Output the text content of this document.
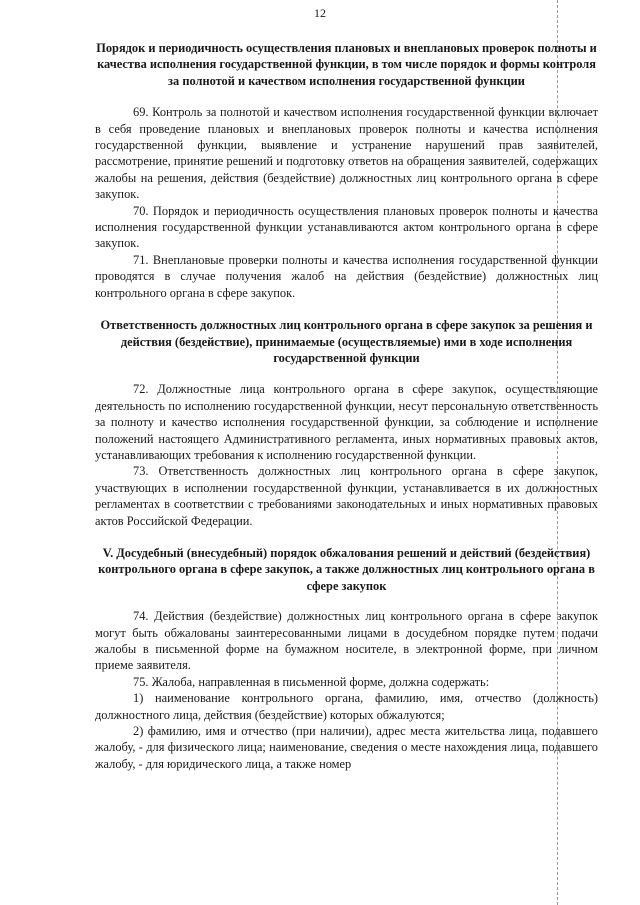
12
Порядок и периодичность осуществления плановых и внеплановых проверок полноты и качества исполнения государственной функции, в том числе порядок и формы контроля за полнотой и качеством исполнения государственной функции

69. Контроль за полнотой и качеством исполнения государственной функции включает в себя проведение плановых и внеплановых проверок полноты и качества исполнения государственной функции, выявление и устранение нарушений прав заявителей, рассмотрение, принятие решений и подготовку ответов на обращения заявителей, содержащих жалобы на решения, действия (бездействие) должностных лиц контрольного органа в сфере закупок.

70. Порядок и периодичность осуществления плановых проверок полноты и качества исполнения государственной функции устанавливаются актом контрольного органа в сфере закупок.

71. Внеплановые проверки полноты и качества исполнения государственной функции проводятся в случае получения жалоб на действия (бездействие) должностных лиц контрольного органа в сфере закупок.

Ответственность должностных лиц контрольного органа в сфере закупок за решения и действия (бездействие), принимаемые (осуществляемые) ими в ходе исполнения государственной функции

72. Должностные лица контрольного органа в сфере закупок, осуществляющие деятельность по исполнению государственной функции, несут персональную ответственность за полноту и качество исполнения государственной функции, за соблюдение и исполнение положений настоящего Административного регламента, иных нормативных правовых актов, устанавливающих требования к исполнению государственной функции.

73. Ответственность должностных лиц контрольного органа в сфере закупок, участвующих в исполнении государственной функции, устанавливается в их должностных регламентах в соответствии с требованиями законодательных и иных нормативных правовых актов Российской Федерации.

V. Досудебный (внесудебный) порядок обжалования решений и действий (бездействия) контрольного органа в сфере закупок, а также должностных лиц контрольного органа в сфере закупок

74. Действия (бездействие) должностных лиц контрольного органа в сфере закупок могут быть обжалованы заинтересованными лицами в досудебном порядке путем подачи жалобы в письменной форме на бумажном носителе, в электронной форме, при личном приеме заявителя.

75. Жалоба, направленная в письменной форме, должна содержать:

1) наименование контрольного органа, фамилию, имя, отчество (должность) должностного лица, действия (бездействие) которых обжалуются;

2) фамилию, имя и отчество (при наличии), адрес места жительства лица, подавшего жалобу, - для физического лица; наименование, сведения о месте нахождения лица, подавшего жалобу, - для юридического лица, а также номер
